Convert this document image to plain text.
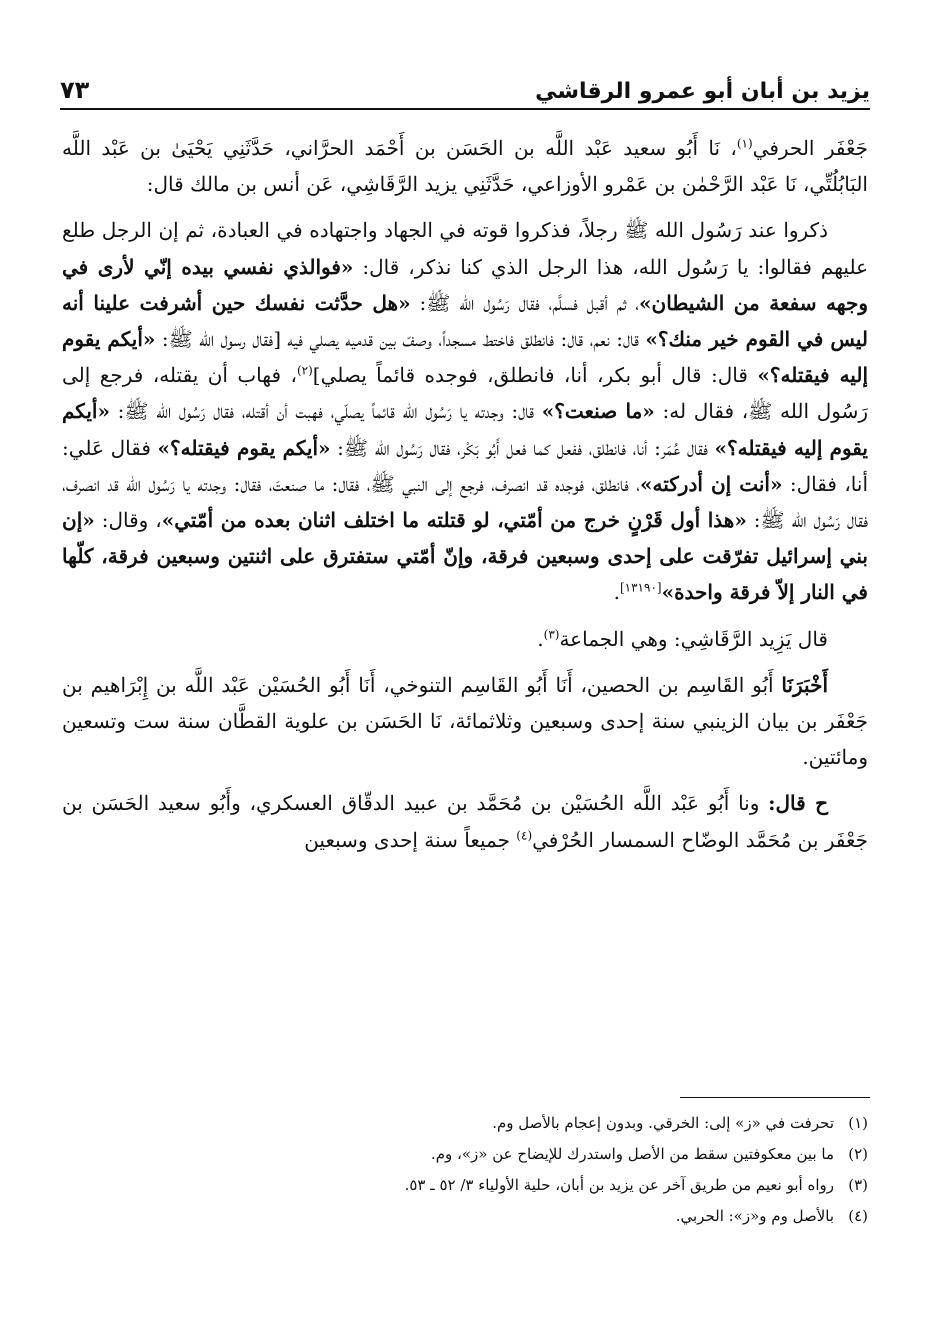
يزيد بن أبان أبو عمرو الرقاشي
٧٣

جَعْفَر الحرفي$^{(١)}$، نَا أَبُو سعيد عَبْد اللَّه بن الحَسَن بن أَحْمَد الحرَّاني، حَدَّثَنِي يَحْيَىٰ بن عَبْد اللَّه البَابُلُتِّي، نَا عَبْد الرَّحْمٰن بن عَمْرو الأوزاعي، حَدَّثَنِي يزيد الرَّقَاشِي، عَن أنس بن مالك قال:

ذكروا عند رَسُول الله ﷺ رجلاً، فذكروا قوته في الجهاد واجتهاده في العبادة، ثم إن الرجل طلع عليهم فقالوا: يا رَسُول الله، هذا الرجل الذي كنا نذكر، قال: «فوالذي نفسي بيده إنّي لأرى في وجهه سفعة من الشيطان»، ثم أقبل فسلَّم، فقال رَسُول الله ﷺ: «هل حدَّثت نفسك حين أشرفت علينا أنه ليس في القوم خير منك؟» قال: نعم، قال: فانطلق فاختط مسجداً، وصفّ بين قدميه يصلي فيه [فقال رسول الله ﷺ: «أيكم يقوم إليه فيقتله؟» قال: قال أبو بكر، أنا، فانطلق، فوجده قائماً يصلي]$^{(٢)}$، فهاب أن يقتله، فرجع إلى رَسُول الله ﷺ، فقال له: «ما صنعت؟» قال: وجدته يا رَسُول الله قائماً يصلّي، فهبت أن أقتله، فقال رَسُول الله ﷺ: «أيكم يقوم إليه فيقتله؟» فقال عُمَر: أنا، فانطلق، ففعل كما فعل أَبُو بَكْر، فقال رَسُول الله ﷺ: «أيكم يقوم فيقتله؟» فقال عَلي: أنا، فقال: «أنت إن أدركته»، فانطلق، فوجده قد انصرف، فرجع إلى النبي ﷺ، فقال: ما صنعتَ، فقال: وجدته يا رَسُول الله قد انصرف، فقال رَسُول الله ﷺ: «هذا أول قَرْنٍ خرج من أمّتي، لو قتلته ما اختلف اثنان بعده من أمّتي»، وقال: «إن بني إسرائيل تفرّقت على إحدى وسبعين فرقة، وإنّ أمّتي ستفترق على اثنتين وسبعين فرقة، كلّها في النار إلاّ فرقة واحدة»[١٣١٩٠].

قال يَزِيد الرَّقَاشِي: وهي الجماعة$^{(٣)}$.

أَخْبَرَنَا أَبُو القَاسِم بن الحصين، أَنَا أَبُو القَاسِم التنوخي، أَنَا أَبُو الحُسَيْن عَبْد اللَّه بن إِبْرَاهيم بن جَعْفَر بن بيان الزينبي سنة إحدى وسبعين وثلاثمائة، نَا الحَسَن بن علوية القطَّان سنة ست وتسعين ومائتين.

ح قال: ونا أَبُو عَبْد اللَّه الحُسَيْن بن مُحَمَّد بن عبيد الدقّاق العسكري، وأَبُو سعيد الحَسَن بن جَعْفَر بن مُحَمَّد الوضّاح السمسار الحُرْفي$^{(٤)}$ جميعاً سنة إحدى وسبعين

(١)تحرفت في «ز» إلى: الخرقي. وبدون إعجام بالأصل وم.
(٢)ما بين معكوفتين سقط من الأصل واستدرك للإيضاح عن «ز»، وم.
(٣)رواه أبو نعيم من طريق آخر عن يزيد بن أبان، حلية الأولياء ٣/ ٥٢ ـ ٥٣.
(٤)بالأصل وم و«ز»: الحربي.
